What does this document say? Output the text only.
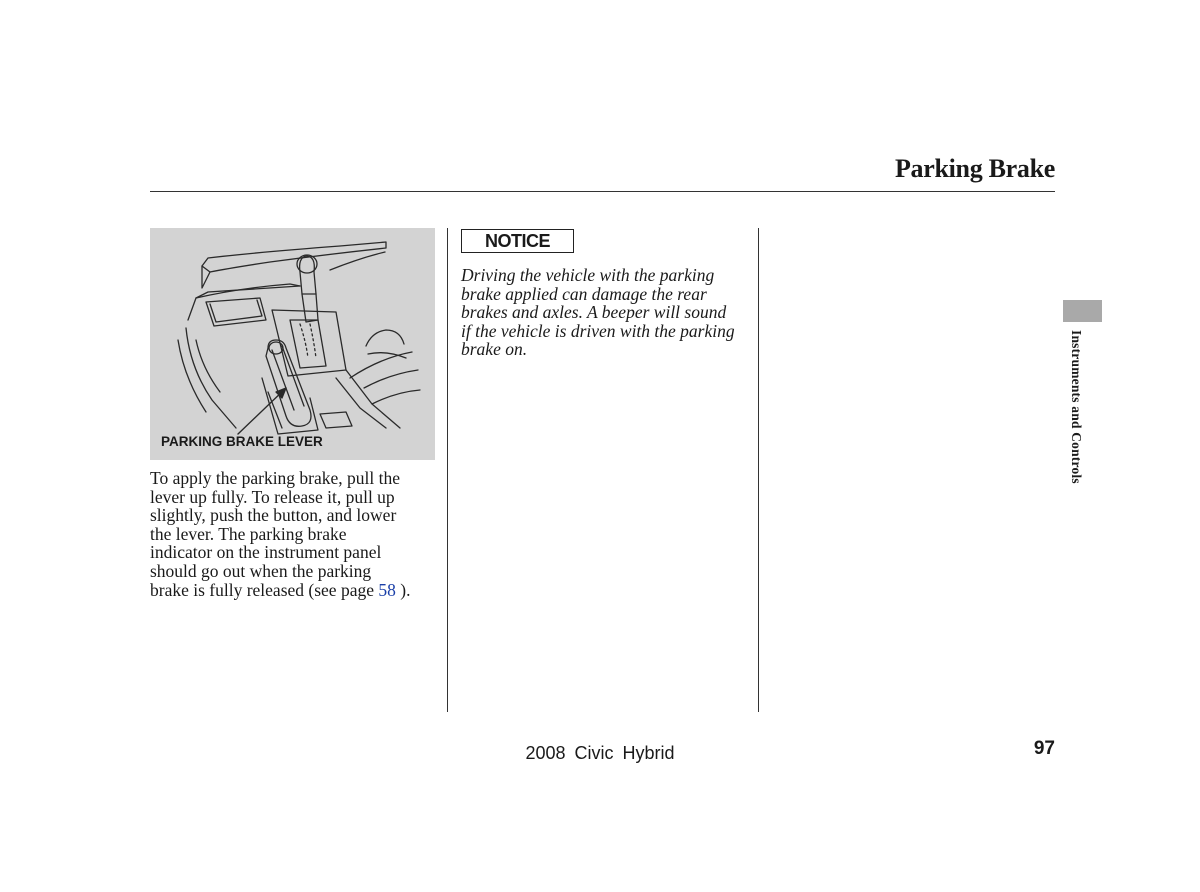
Parking Brake
PARKING BRAKE LEVER
To apply the parking brake, pull the
lever up fully. To release it, pull up
slightly, push the button, and lower
the lever. The parking brake
indicator on the instrument panel
should go out when the parking
brake is fully released (see page 58 ).
NOTICE
Driving the vehicle with the parking
brake applied can damage the rear
brakes and axles. A beeper will sound
if the vehicle is driven with the parking
brake on.	Instruments and Controls
2008 Civic Hybrid	97
